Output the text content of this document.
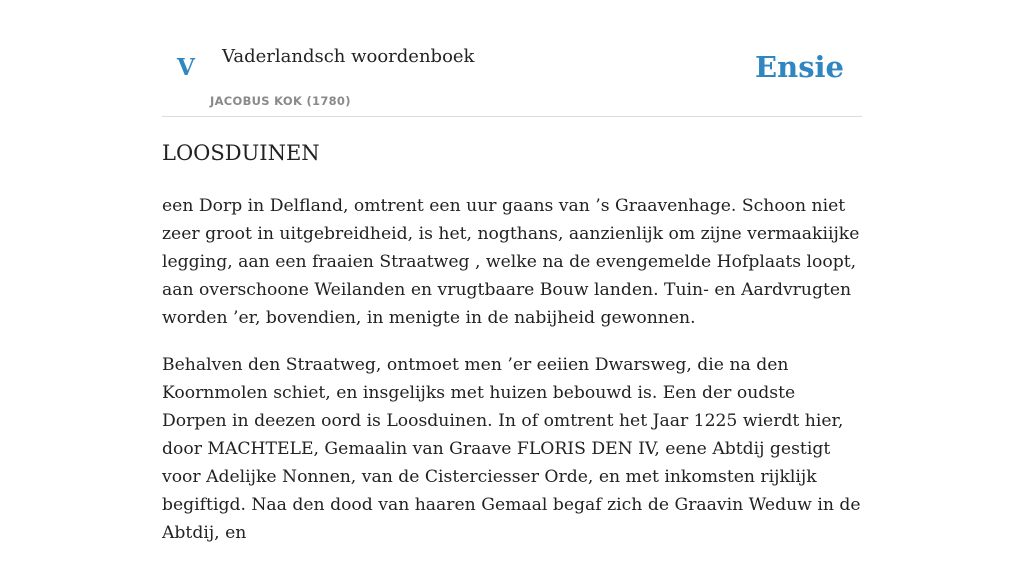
V Vaderlandsch woordenboek
JACOBUS KOK (1780)
Ensie
LOOSDUINEN

een Dorp in Delfland, omtrent een uur gaans van ’s Graavenhage. Schoon niet zeer groot in uitgebreidheid, is het, nogthans, aanzienlijk om zijne vermaakiijke legging, aan een fraaien Straatweg , welke na de evengemelde Hofplaats loopt, aan overschoone Weilanden en vrugtbaare Bouw landen. Tuin- en Aardvrugten worden ’er, bovendien, in menigte in de nabijheid gewonnen.

Behalven den Straatweg, ontmoet men ’er eeiien Dwarsweg, die na den Koornmolen schiet, en insgelijks met huizen bebouwd is. Een der oudste Dorpen in deezen oord is Loosduinen. In of omtrent het Jaar 1225 wierdt hier, door MACHTELE, Gemaalin van Graave FLORIS DEN IV, eene Abtdij gestigt voor Adelijke Nonnen, van de Cisterciesser Orde, en met inkomsten rijklijk begiftigd. Naa den dood van haaren Gemaal begaf zich de Graavin Weduw in de Abtdij, en
